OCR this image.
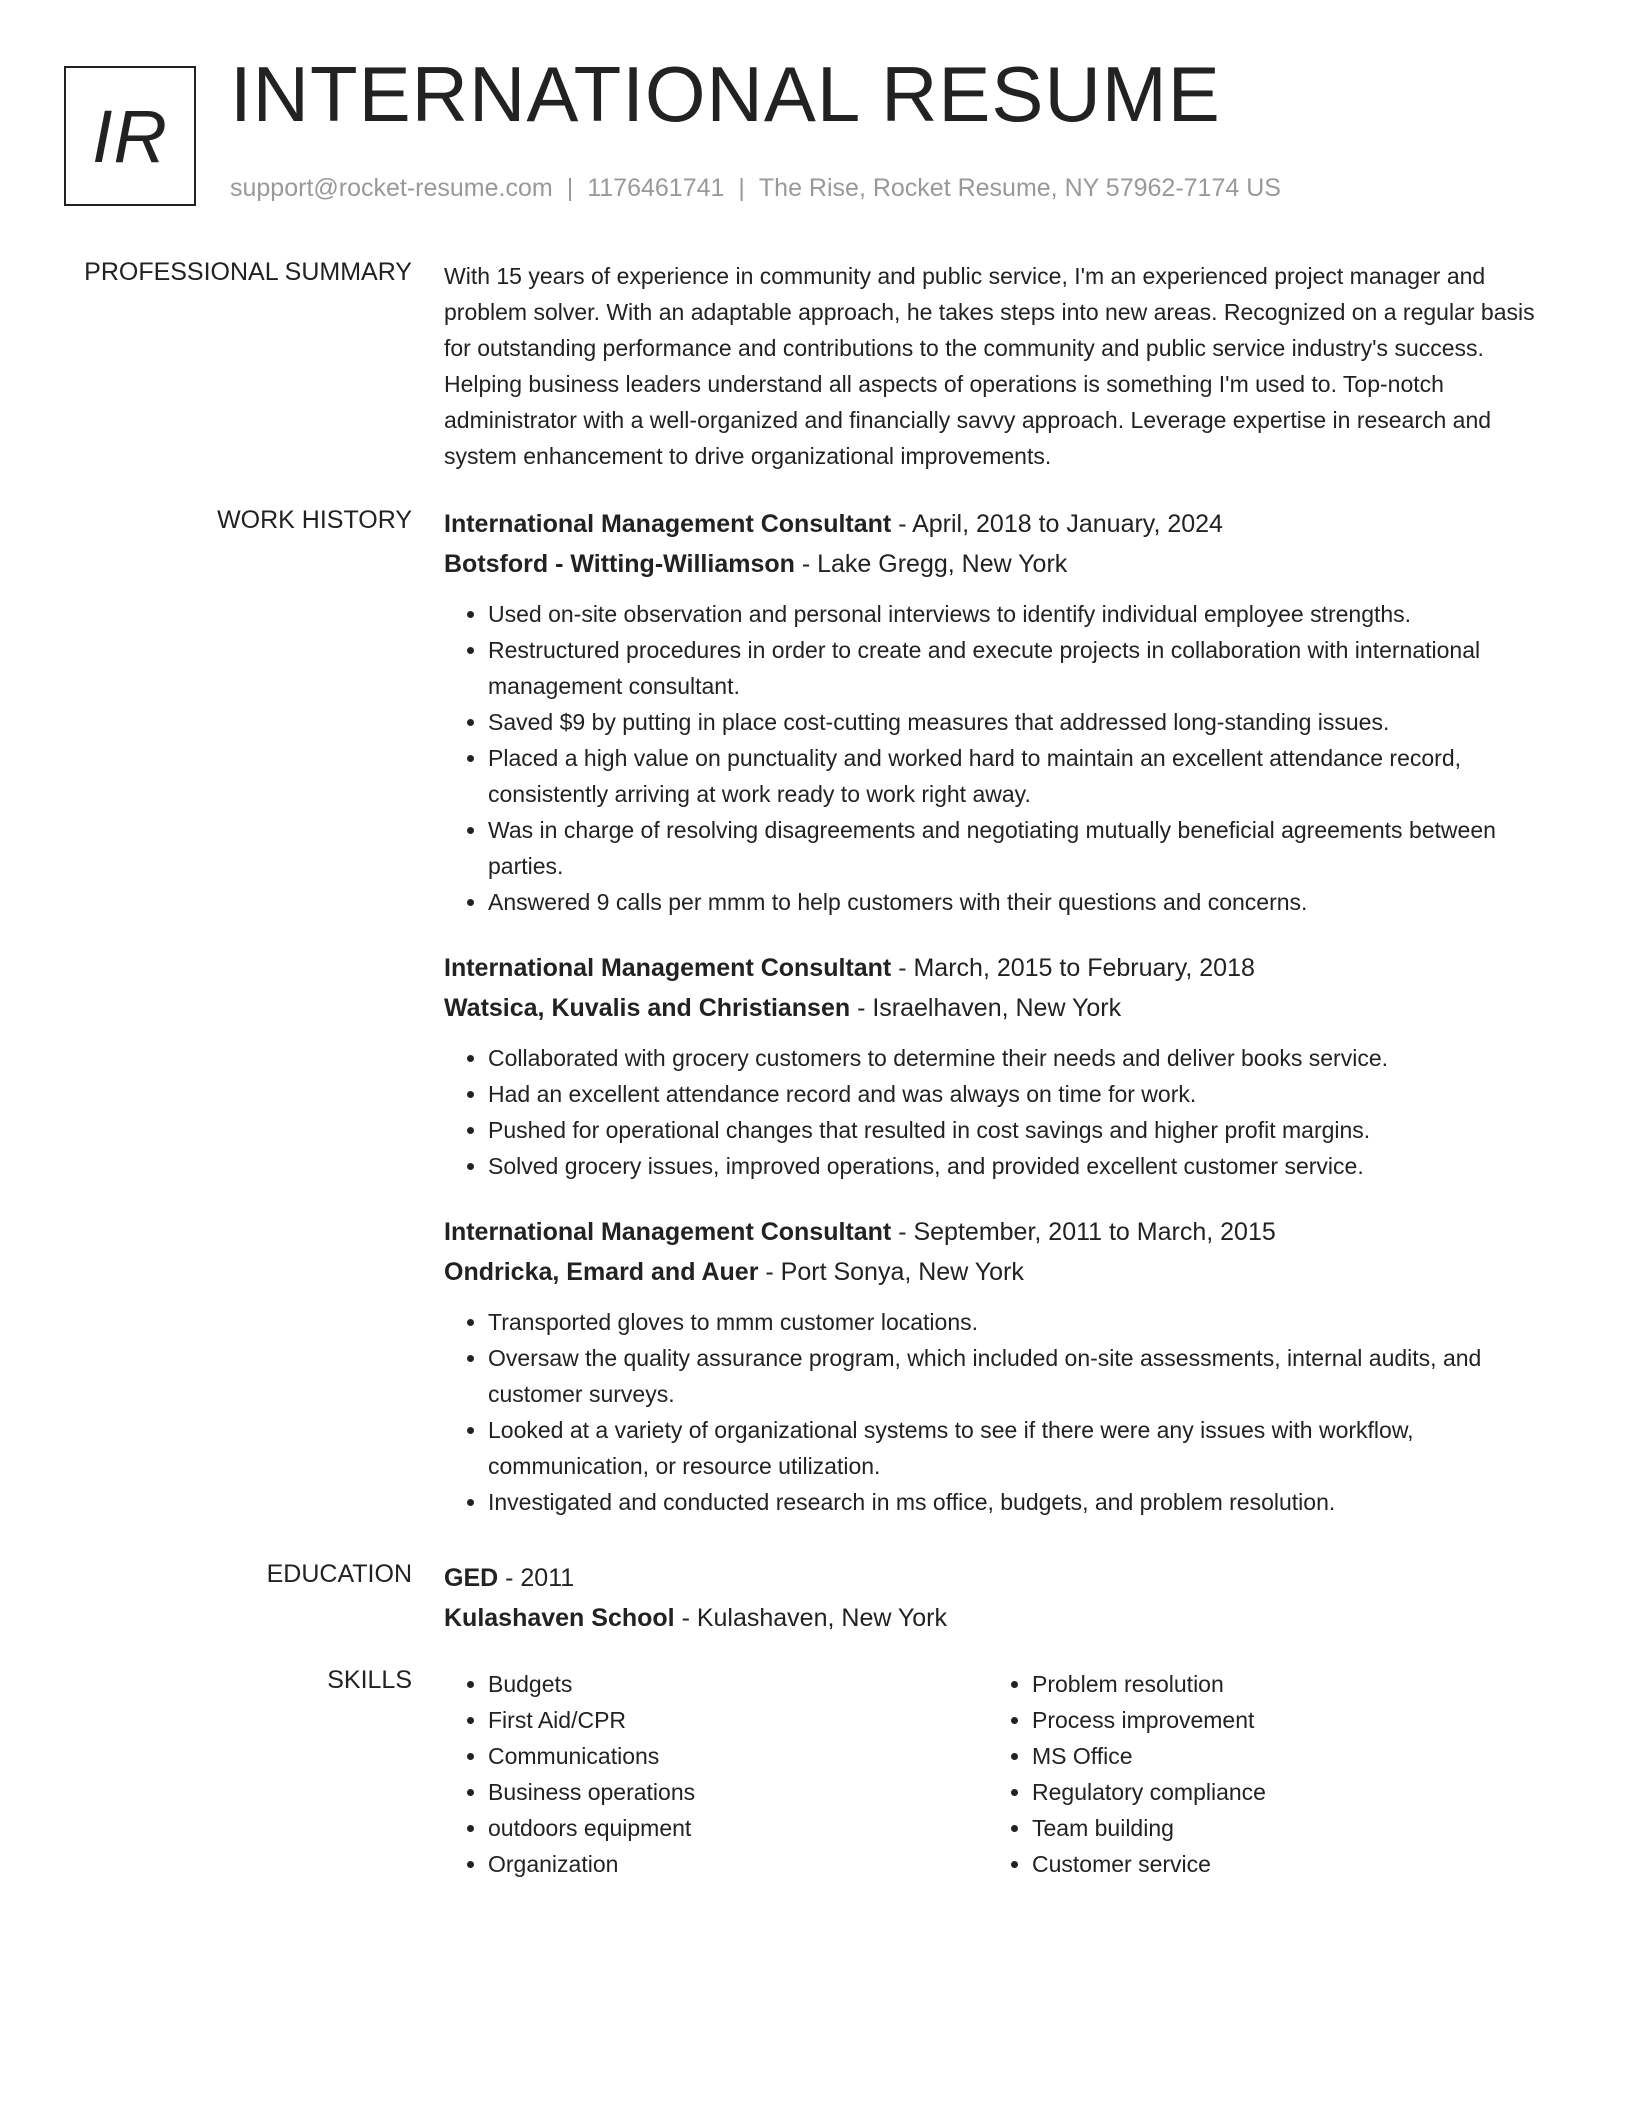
IR INTERNATIONAL RESUME
support@rocket-resume.com | 1176461741 | The Rise, Rocket Resume, NY 57962-7174 US
PROFESSIONAL SUMMARY With 15 years of experience in community and public service, I'm an experienced project manager and problem solver. With an adaptable approach, he takes steps into new areas. Recognized on a regular basis for outstanding performance and contributions to the community and public service industry's success. Helping business leaders understand all aspects of operations is something I'm used to. Top-notch administrator with a well-organized and financially savvy approach. Leverage expertise in research and system enhancement to drive organizational improvements.
WORK HISTORY International Management Consultant - April, 2018 to January, 2024
Botsford - Witting-Williamson - Lake Gregg, New York
• Used on-site observation and personal interviews to identify individual employee strengths.
• Restructured procedures in order to create and execute projects in collaboration with international management consultant.
• Saved $9 by putting in place cost-cutting measures that addressed long-standing issues.
• Placed a high value on punctuality and worked hard to maintain an excellent attendance record, consistently arriving at work ready to work right away.
• Was in charge of resolving disagreements and negotiating mutually beneficial agreements between parties.
• Answered 9 calls per mmm to help customers with their questions and concerns.
International Management Consultant - March, 2015 to February, 2018
Watsica, Kuvalis and Christiansen - Israelhaven, New York
• Collaborated with grocery customers to determine their needs and deliver books service.
• Had an excellent attendance record and was always on time for work.
• Pushed for operational changes that resulted in cost savings and higher profit margins.
• Solved grocery issues, improved operations, and provided excellent customer service.
International Management Consultant - September, 2011 to March, 2015
Ondricka, Emard and Auer - Port Sonya, New York
• Transported gloves to mmm customer locations.
• Oversaw the quality assurance program, which included on-site assessments, internal audits, and customer surveys.
• Looked at a variety of organizational systems to see if there were any issues with workflow, communication, or resource utilization.
• Investigated and conducted research in ms office, budgets, and problem resolution.
EDUCATION GED - 2011
Kulashaven School - Kulashaven, New York
SKILLS
•	Budgets
• First Aid/CPR
• Communications
• Business operations
• outdoors equipment
• Organization
• Problem resolution
• Process improvement
• MS Office
• Regulatory compliance
• Team building
• Customer service
